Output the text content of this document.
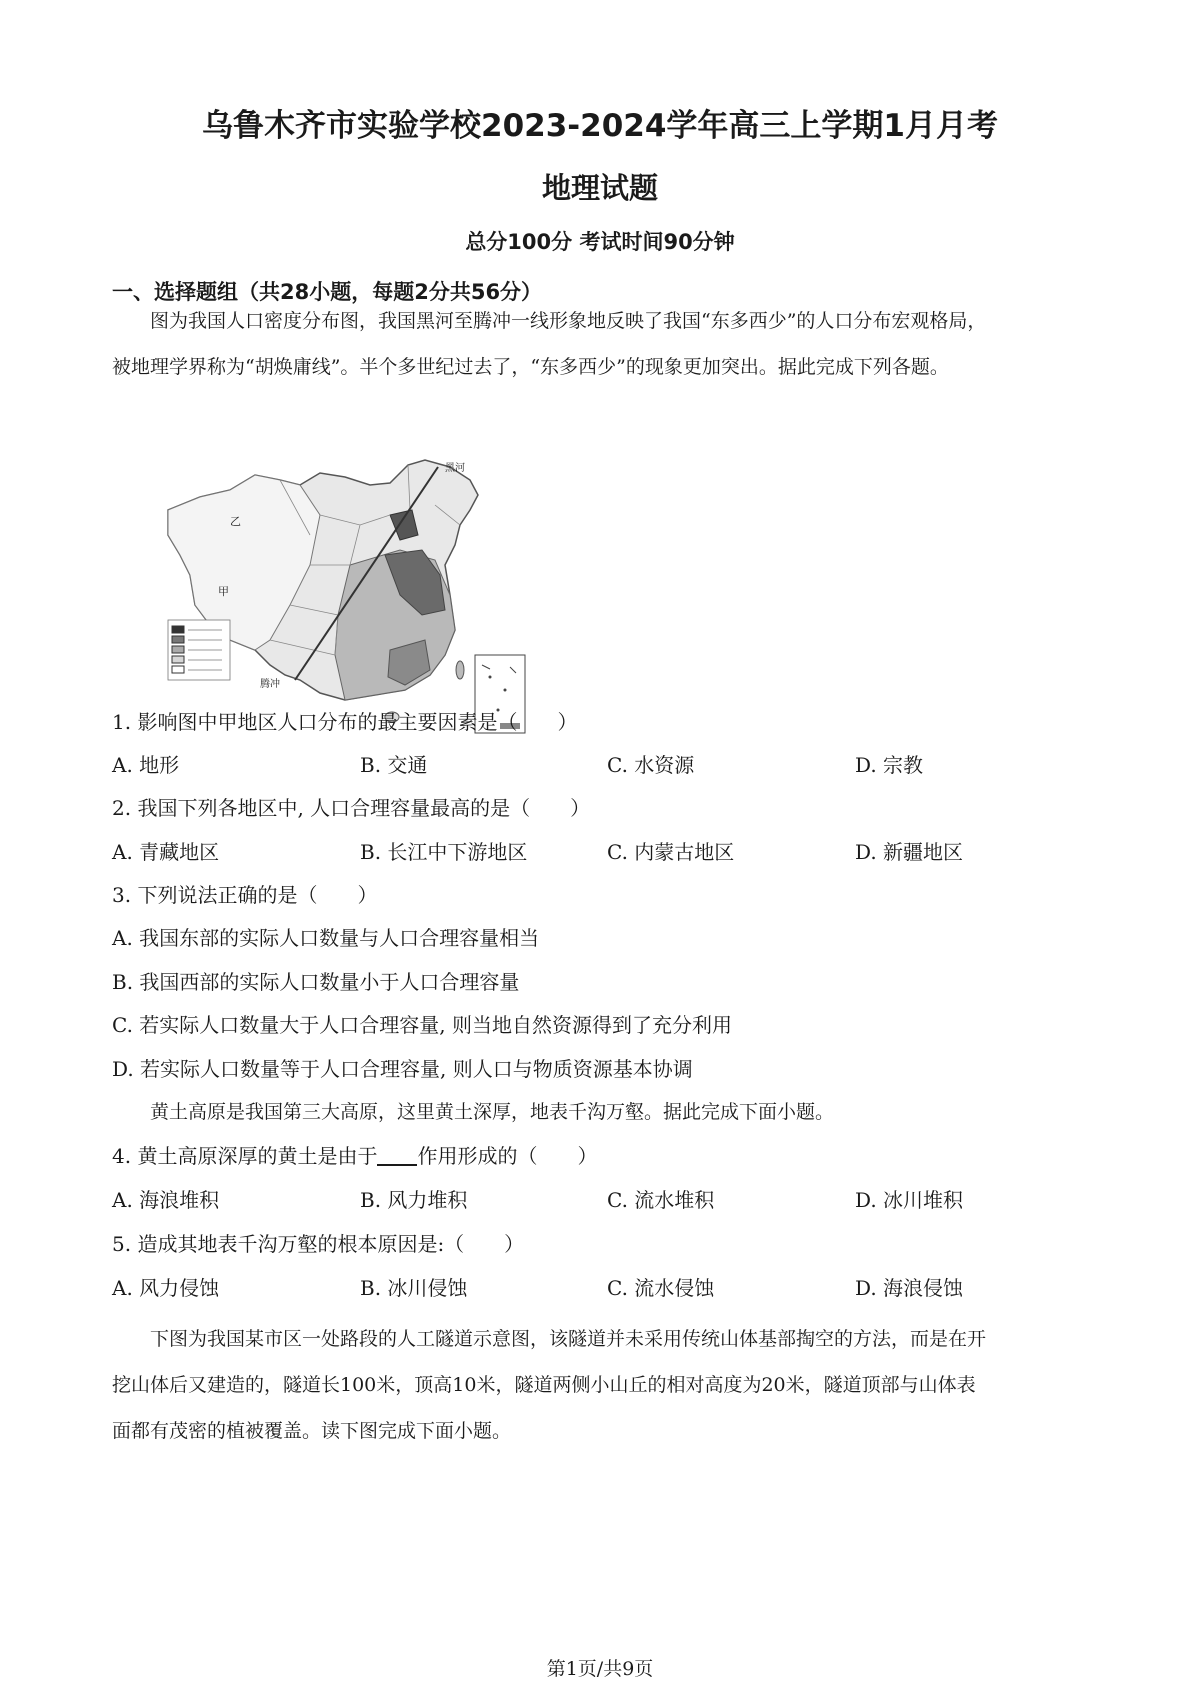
乌鲁木齐市实验学校2023-2024学年高三上学期1月月考
地理试题
总分100分 考试时间90分钟
一、选择题组（共28小题，每题2分共56分）
图为我国人口密度分布图，我国黑河至腾冲一线形象地反映了我国“东多西少”的人口分布宏观格局，
被地理学界称为“胡焕庸线”。半个多世纪过去了，“东多西少”的现象更加突出。据此完成下列各题。
黑河
腾冲
甲
乙
1. 影响图中甲地区人口分布的最主要因素是（　　）
A. 地形	B. 交通	C. 水资源	D. 宗教
2. 我国下列各地区中, 人口合理容量最高的是（　　）
A. 青藏地区	B. 长江中下游地区	C. 内蒙古地区	D. 新疆地区
3. 下列说法正确的是（　　）
A. 我国东部的实际人口数量与人口合理容量相当
B. 我国西部的实际人口数量小于人口合理容量
C. 若实际人口数量大于人口合理容量, 则当地自然资源得到了充分利用
D. 若实际人口数量等于人口合理容量, 则人口与物质资源基本协调
黄土高原是我国第三大高原，这里黄土深厚，地表千沟万壑。据此完成下面小题。
4. 黄土高原深厚的黄土是由于 作用形成的（　　）
A. 海浪堆积	B. 风力堆积	C. 流水堆积	D. 冰川堆积
5. 造成其地表千沟万壑的根本原因是:（　　）
A. 风力侵蚀	B. 冰川侵蚀	C. 流水侵蚀	D. 海浪侵蚀
下图为我国某市区一处路段的人工隧道示意图，该隧道并未采用传统山体基部掏空的方法，而是在开
挖山体后又建造的，隧道长100米，顶高10米，隧道两侧小山丘的相对高度为20米，隧道顶部与山体表
面都有茂密的植被覆盖。读下图完成下面小题。
第1页/共9页
